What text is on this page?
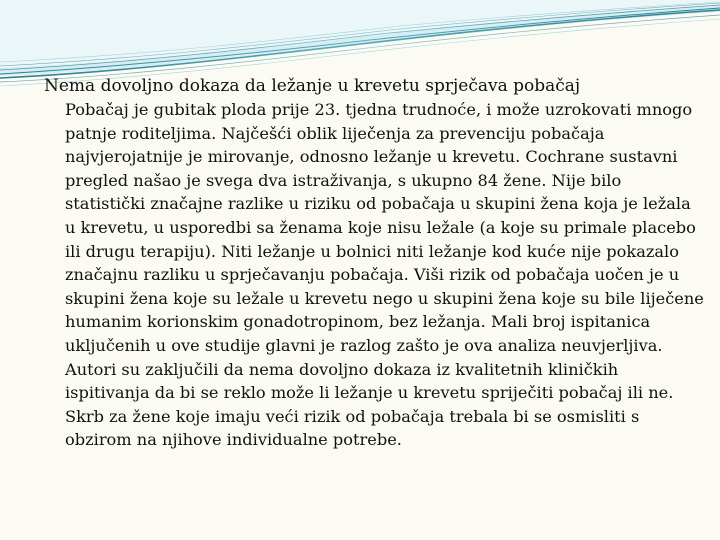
Nema dovoljno dokaza da ležanje u krevetu sprječava pobačaj

Pobačaj je gubitak ploda prije 23. tjedna trudnoće, i može uzrokovati mnogo patnje roditeljima. Najčešći oblik liječenja za prevenciju pobačaja najvjerojatnije je mirovanje, odnosno ležanje u krevetu. Cochrane sustavni pregled našao je svega dva istraživanja, s ukupno 84 žene. Nije bilo statistički značajne razlike u riziku od pobačaja u skupini žena koja je ležala u krevetu, u usporedbi sa ženama koje nisu ležale (a koje su primale placebo ili drugu terapiju). Niti ležanje u bolnici niti ležanje kod kuće nije pokazalo značajnu razliku u sprječavanju pobačaja. Viši rizik od pobačaja uočen je u skupini žena koje su ležale u krevetu nego u skupini žena koje su bile liječene humanim korionskim gonadotropinom, bez ležanja. Mali broj ispitanica uključenih u ove studije glavni je razlog zašto je ova analiza neuvjerljiva. Autori su zaključili da nema dovoljno dokaza iz kvalitetnih kliničkih ispitivanja da bi se reklo može li ležanje u krevetu spriječiti pobačaj ili ne. Skrb za žene koje imaju veći rizik od pobačaja trebala bi se osmisliti s obzirom na njihove individualne potrebe.
